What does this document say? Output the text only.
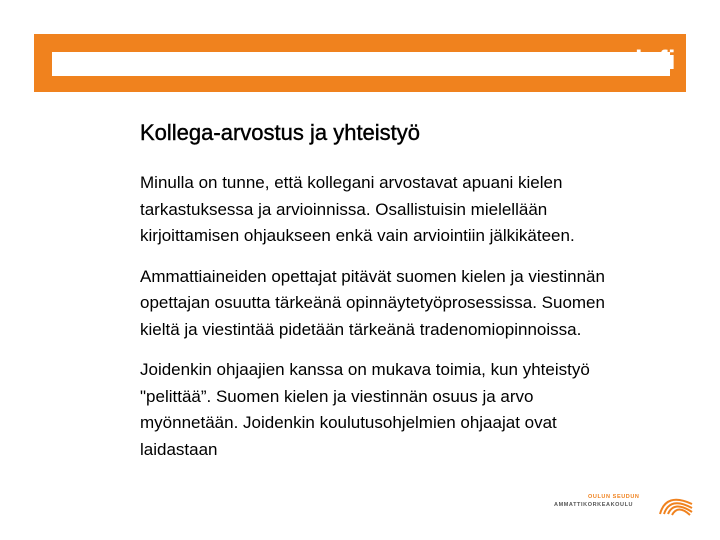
oamk.fi
Kollega-arvostus ja yhteistyö

Minulla on tunne, että kollegani arvostavat apuani kielen tarkastuksessa ja arvioinnissa. Osallistuisin mielellään kirjoittamisen ohjaukseen enkä vain arviointiin jälkikäteen.

Ammattiaineiden opettajat pitävät suomen kielen ja viestinnän opettajan osuutta tärkeänä opinnäytetyöprosessissa. Suomen kieltä ja viestintää pidetään tärkeänä tradenomiopinnoissa.

Joidenkin ohjaajien kanssa on mukava toimia, kun yhteistyö "pelittää”. Suomen kielen ja viestinnän osuus ja arvo myönnetään. Joidenkin koulutusohjelmien ohjaajat ovat laidastaan

OULUN SEUDUN
AMMATTIKORKEAKOULU
